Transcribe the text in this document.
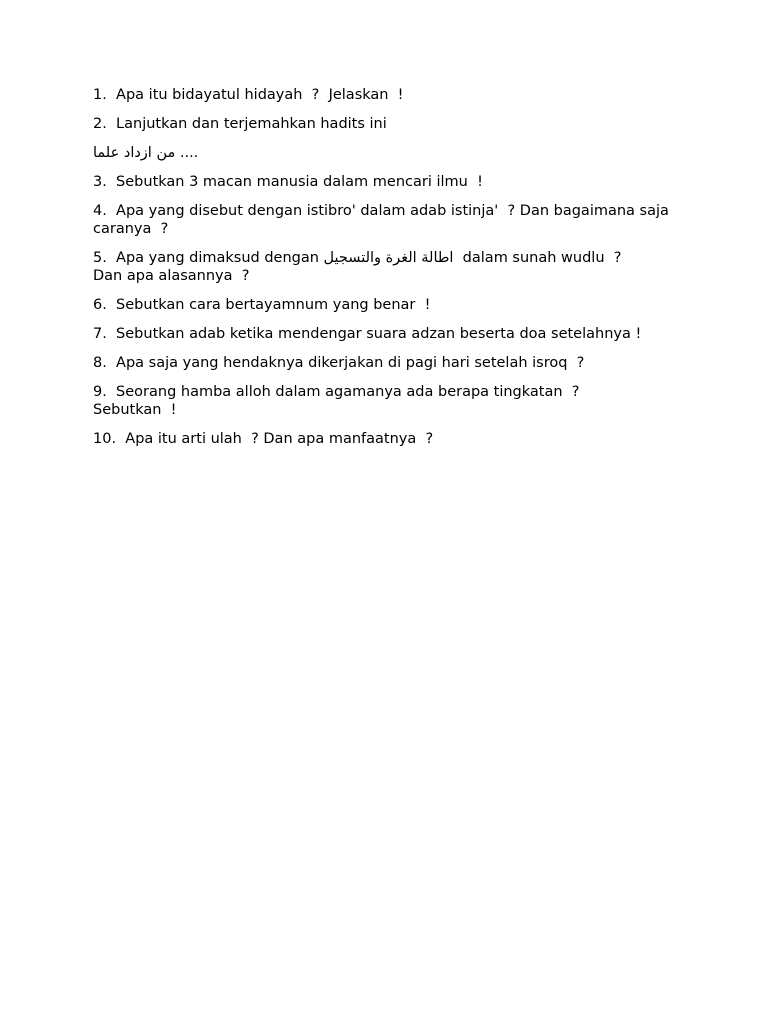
1.  Apa itu bidayatul hidayah  ?  Jelaskan  !

2.  Lanjutkan dan terjemahkan hadits ini

من ازداد علما ....

3.  Sebutkan 3 macan manusia dalam mencari ilmu  !

4.  Apa yang disebut dengan istibro' dalam adab istinja'  ? Dan bagaimana saja caranya  ?

5.  Apa yang dimaksud dengan اطالة الغرة والتسجيل  dalam sunah wudlu  ?
Dan apa alasannya  ?

6.  Sebutkan cara bertayamnum yang benar  !

7.  Sebutkan adab ketika mendengar suara adzan beserta doa setelahnya !

8.  Apa saja yang hendaknya dikerjakan di pagi hari setelah isroq  ?

9.  Seorang hamba alloh dalam agamanya ada berapa tingkatan  ?
Sebutkan  !

10.  Apa itu arti ulah  ? Dan apa manfaatnya  ?
